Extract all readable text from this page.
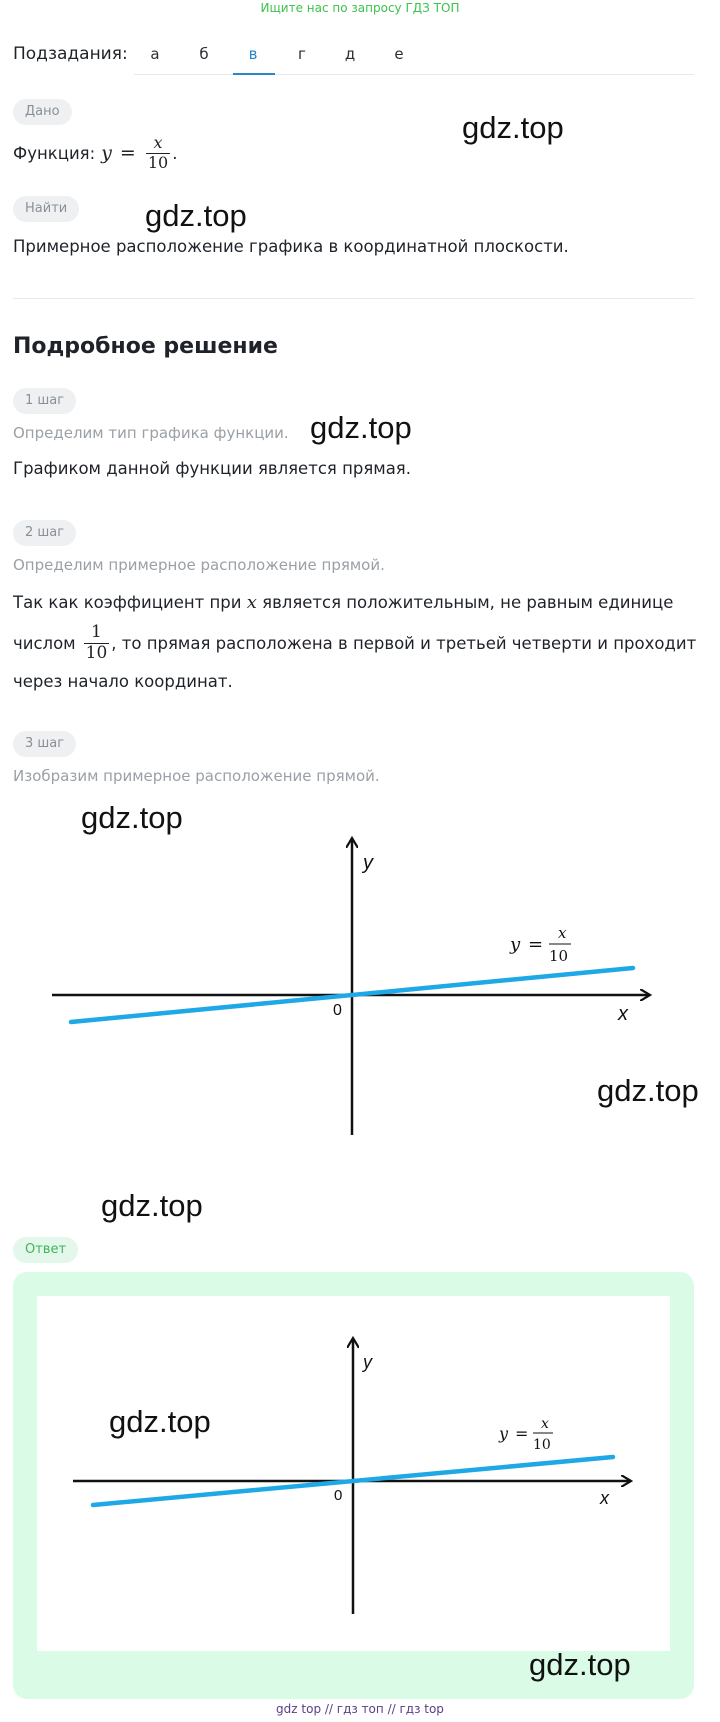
Ищите нас по запросу ГДЗ ТОП
Подзадания:	а	б	в	г	д	е
Дано
Функция: $y = \frac{x}{10}$ .
Найти
Примерное расположение графика в координатной плоскости.
Подробное решение
1 шаг
Определим тип графика функции.
Графиком данной функции является прямая.
2 шаг
Определим примерное расположение прямой.
Так как коэффициент при x является положительным, не равным единице
числом $\frac{1}{10}$ , то прямая расположена в первой и третьей четверти и проходит
через начало координат.
3 шаг
Изобразим примерное расположение прямой.
y
x
0
y =
x
10
Ответ
y
x
0
y = x
10
gdz.top
gdz.top
gdz.top
gdz.top
gdz.top
gdz.top
gdz.top
gdz.top
gdz top // гдз топ // гдз top
